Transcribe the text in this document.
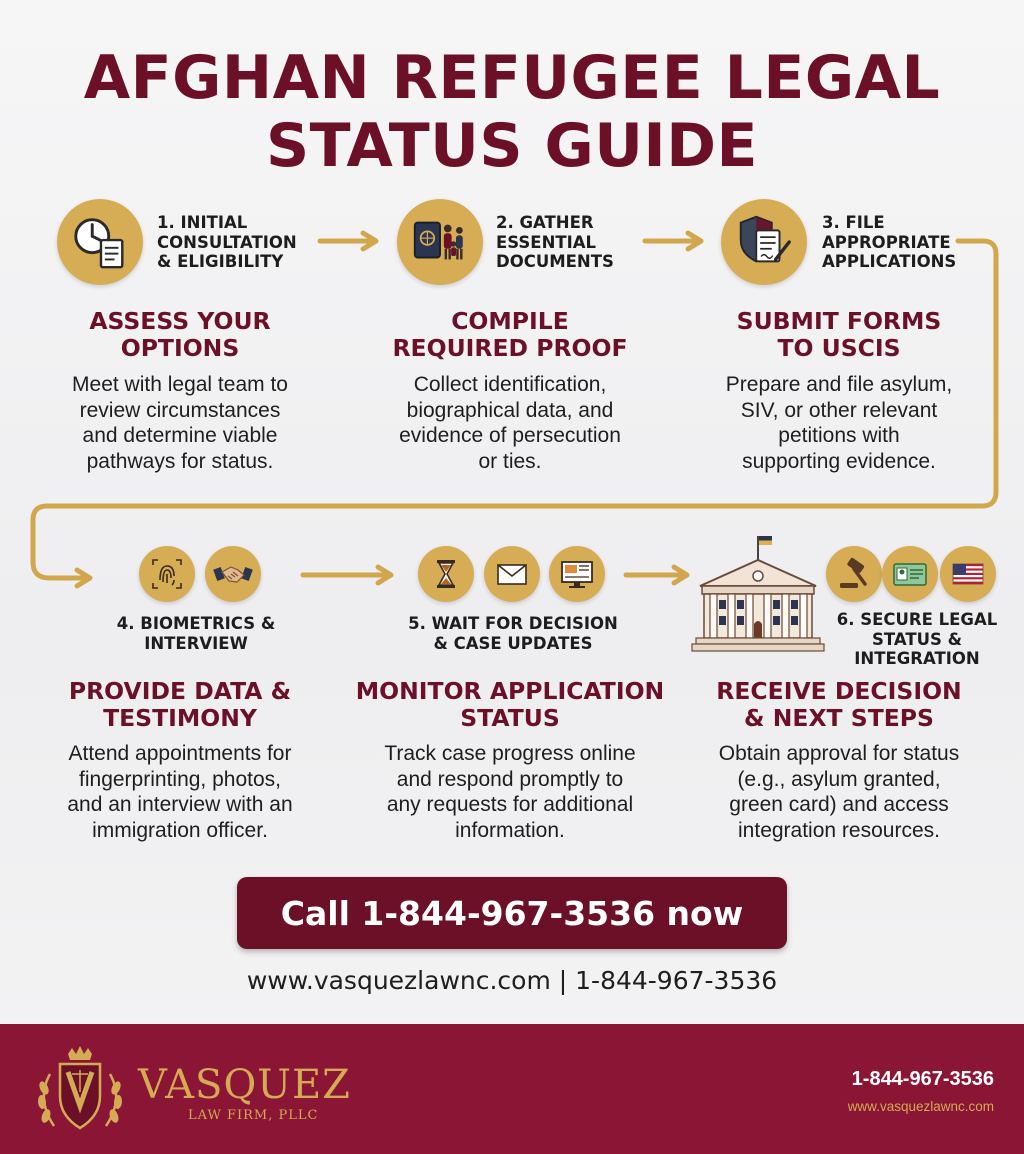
AFGHAN REFUGEE LEGAL
STATUS GUIDE
1. INITIAL
CONSULTATION
& ELIGIBILITY
ASSESS YOUR
OPTIONS
Meet with legal team to
review circumstances
and determine viable
pathways for status.
2. GATHER
ESSENTIAL
DOCUMENTS
COMPILE
REQUIRED PROOF
Collect identification,
biographical data, and
evidence of persecution
or ties.
3. FILE
APPROPRIATE
APPLICATIONS
SUBMIT FORMS
TO USCIS
Prepare and file asylum,
SIV, or other relevant
petitions with
supporting evidence.
4. BIOMETRICS &
INTERVIEW
PROVIDE DATA &
TESTIMONY
Attend appointments for
fingerprinting, photos,
and an interview with an
immigration officer.
5. WAIT FOR DECISION
& CASE UPDATES
MONITOR APPLICATION
STATUS
Track case progress online
and respond promptly to
any requests for additional
information.
6. SECURE LEGAL
STATUS &
INTEGRATION
RECEIVE DECISION
& NEXT STEPS
Obtain approval for status
(e.g., asylum granted,
green card) and access
integration resources.
Call 1-844-967-3536 now
www.vasquezlawnc.com | 1-844-967-3536
VASQUEZ
LAW FIRM, PLLC
1-844-967-3536
www.vasquezlawnc.com
